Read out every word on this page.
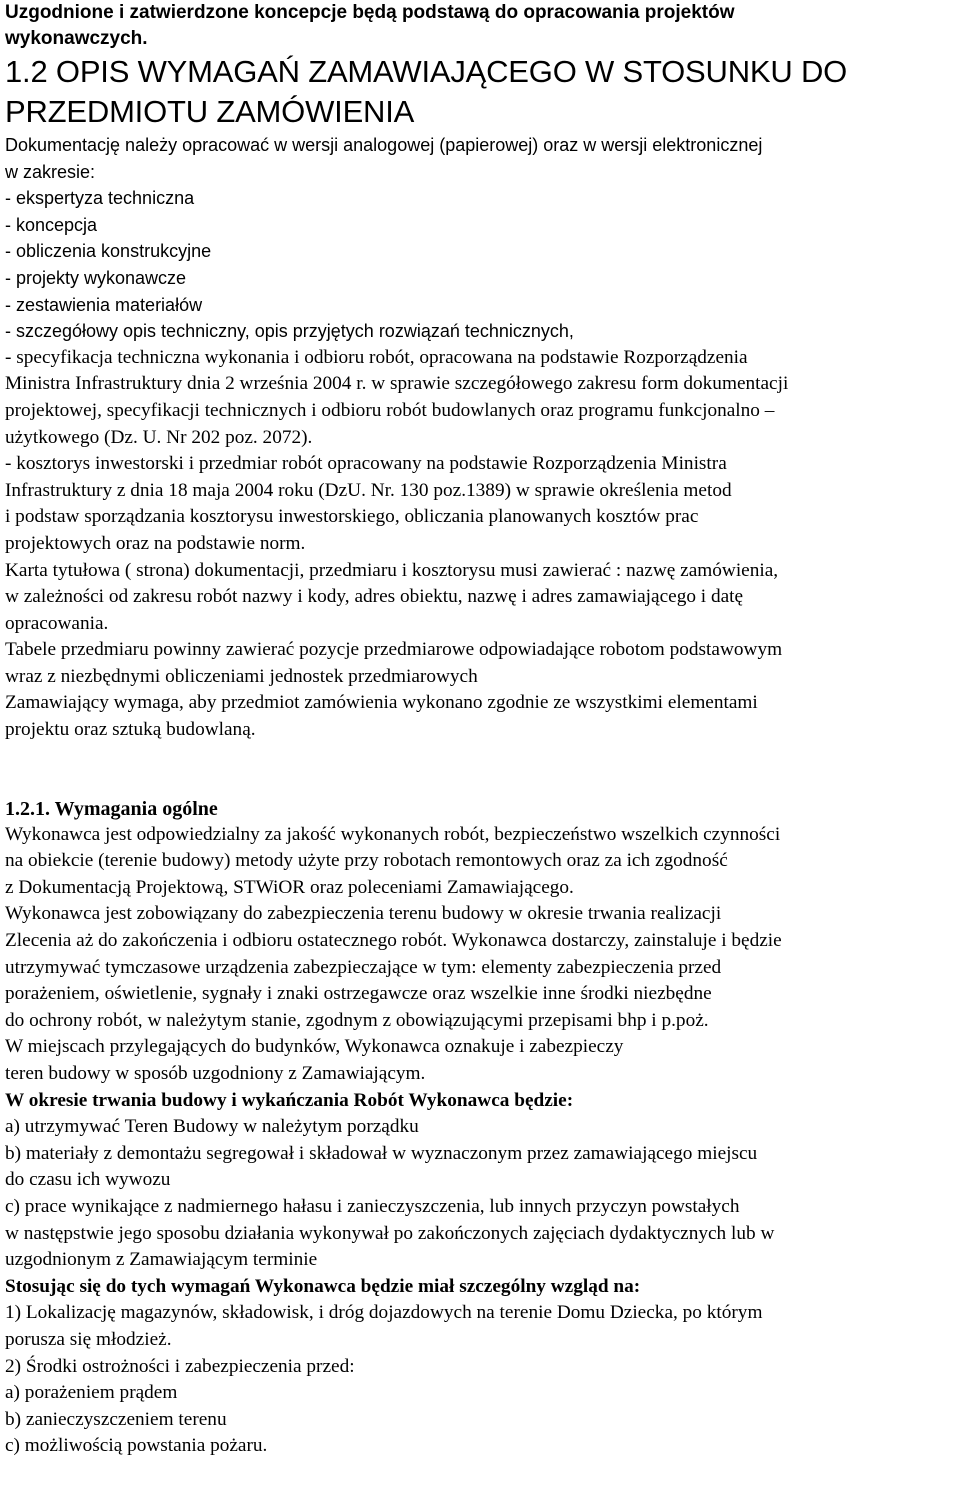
Uzgodnione i zatwierdzone koncepcje będą podstawą do opracowania projektów
wykonawczych.

1.2 OPIS WYMAGAŃ ZAMAWIAJĄCEGO W STOSUNKU DO
PRZEDMIOTU ZAMÓWIENIA
Dokumentację należy opracować w wersji analogowej (papierowej) oraz w wersji elektronicznej
w zakresie:
- ekspertyza techniczna
- koncepcja
- obliczenia konstrukcyjne
- projekty wykonawcze
- zestawienia materiałów
- szczegółowy opis techniczny, opis przyjętych rozwiązań technicznych,
- specyfikacja techniczna wykonania i odbioru robót, opracowana na podstawie Rozporządzenia
Ministra Infrastruktury dnia 2 września 2004 r. w sprawie szczegółowego zakresu form dokumentacji
projektowej, specyfikacji technicznych i odbioru robót budowlanych oraz programu funkcjonalno –
użytkowego (Dz. U. Nr 202 poz. 2072).
- kosztorys inwestorski i przedmiar robót opracowany na podstawie Rozporządzenia Ministra
Infrastruktury z dnia 18 maja 2004 roku (DzU. Nr. 130 poz.1389) w sprawie określenia metod
i podstaw sporządzania kosztorysu inwestorskiego, obliczania planowanych kosztów prac
projektowych oraz na podstawie norm.
Karta tytułowa ( strona) dokumentacji, przedmiaru i kosztorysu musi zawierać : nazwę zamówienia,
w zależności od zakresu robót nazwy i kody, adres obiektu, nazwę i adres zamawiającego i datę
opracowania.
Tabele przedmiaru powinny zawierać pozycje przedmiarowe odpowiadające robotom podstawowym
wraz z niezbędnymi obliczeniami jednostek przedmiarowych
Zamawiający wymaga, aby przedmiot zamówienia wykonano zgodnie ze wszystkimi elementami
projektu oraz sztuką budowlaną.
1.2.1. Wymagania ogólne
Wykonawca jest odpowiedzialny za jakość wykonanych robót, bezpieczeństwo wszelkich czynności
na obiekcie (terenie budowy) metody użyte przy robotach remontowych oraz za ich zgodność
z Dokumentacją Projektową, STWiOR oraz poleceniami Zamawiającego.
Wykonawca jest zobowiązany do zabezpieczenia terenu budowy w okresie trwania realizacji
Zlecenia aż do zakończenia i odbioru ostatecznego robót. Wykonawca dostarczy, zainstaluje i będzie
utrzymywać tymczasowe urządzenia zabezpieczające w tym: elementy zabezpieczenia przed
porażeniem, oświetlenie, sygnały i znaki ostrzegawcze oraz wszelkie inne środki niezbędne
do ochrony robót, w należytym stanie, zgodnym z obowiązującymi przepisami bhp i p.poż.
W miejscach przylegających do budynków, Wykonawca oznakuje i zabezpieczy
teren budowy w sposób uzgodniony z Zamawiającym.
W okresie trwania budowy i wykańczania Robót Wykonawca będzie:
a) utrzymywać Teren Budowy w należytym porządku
b) materiały z demontażu segregował i składował w wyznaczonym przez zamawiającego miejscu
do czasu ich wywozu
c) prace wynikające z nadmiernego hałasu i zanieczyszczenia, lub innych przyczyn powstałych
w następstwie jego sposobu działania wykonywał po zakończonych zajęciach dydaktycznych lub w
uzgodnionym z Zamawiającym terminie
Stosując się do tych wymagań Wykonawca będzie miał szczególny wzgląd na:
1) Lokalizację magazynów, składowisk, i dróg dojazdowych na terenie Domu Dziecka, po którym
porusza się młodzież.
2) Środki ostrożności i zabezpieczenia przed:
a) porażeniem prądem
b) zanieczyszczeniem terenu
c) możliwością powstania pożaru.
